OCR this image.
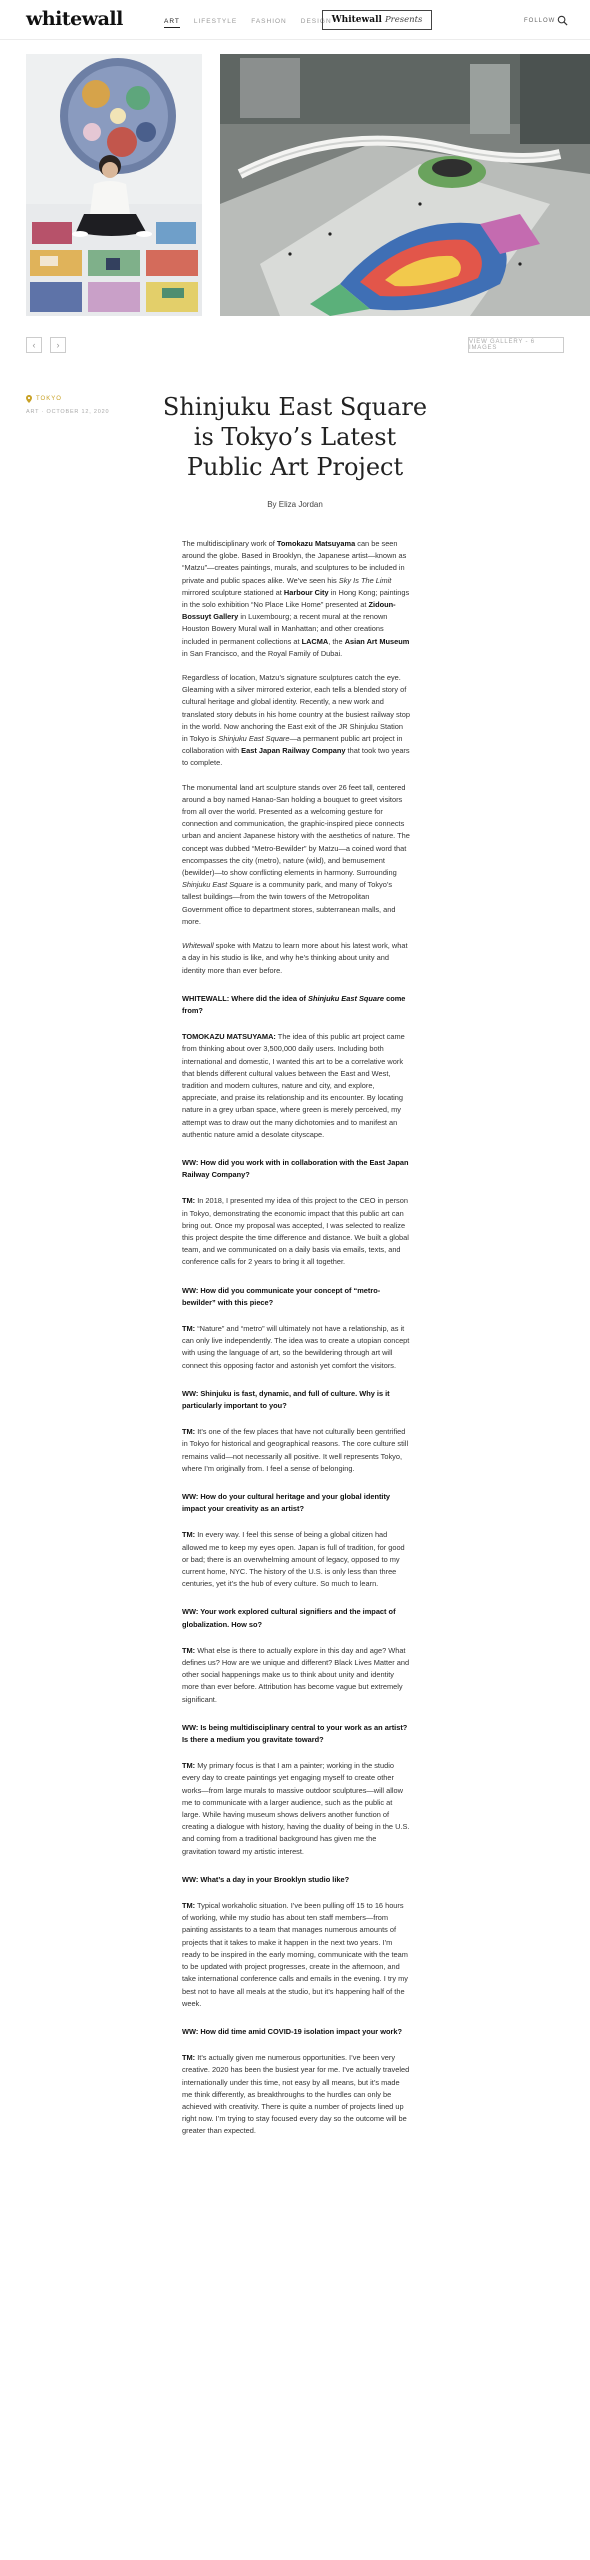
whitewall	ART LIFESTYLE FASHION DESIGN Whitewall Presents	FOLLOW
‹	›	VIEW GALLERY - 6 IMAGES
TOKYO
ART · OCTOBER 12, 2020 Shinjuku East Square is Tokyo’s Latest Public Art Project
By Eliza Jordan

The multidisciplinary work of Tomokazu Matsuyama can be seen around the globe. Based in Brooklyn, the Japanese artist—known as “Matzu”—creates paintings, murals, and sculptures to be included in private and public spaces alike. We’ve seen his Sky Is The Limit mirrored sculpture stationed at Harbour City in Hong Kong; paintings in the solo exhibition “No Place Like Home” presented at Zidoun-Bossuyt Gallery in Luxembourg; a recent mural at the renown Houston Bowery Mural wall in Manhattan; and other creations included in permanent collections at LACMA, the Asian Art Museum in San Francisco, and the Royal Family of Dubai.

Regardless of location, Matzu’s signature sculptures catch the eye. Gleaming with a silver mirrored exterior, each tells a blended story of cultural heritage and global identity. Recently, a new work and translated story debuts in his home country at the busiest railway stop in the world. Now anchoring the East exit of the JR Shinjuku Station in Tokyo is Shinjuku East Square—a permanent public art project in collaboration with East Japan Railway Company that took two years to complete.

The monumental land art sculpture stands over 26 feet tall, centered around a boy named Hanao-San holding a bouquet to greet visitors from all over the world. Presented as a welcoming gesture for connection and communication, the graphic-inspired piece connects urban and ancient Japanese history with the aesthetics of nature. The concept was dubbed “Metro-Bewilder” by Matzu—a coined word that encompasses the city (metro), nature (wild), and bemusement (bewilder)—to show conflicting elements in harmony. Surrounding Shinjuku East Square is a community park, and many of Tokyo’s tallest buildings—from the twin towers of the Metropolitan Government office to department stores, subterranean malls, and more.

Whitewall spoke with Matzu to learn more about his latest work, what a day in his studio is like, and why he’s thinking about unity and identity more than ever before.

WHITEWALL: Where did the idea of Shinjuku East Square come from?

TOMOKAZU MATSUYAMA: The idea of this public art project came from thinking about over 3,500,000 daily users. Including both international and domestic, I wanted this art to be a correlative work that blends different cultural values between the East and West, tradition and modern cultures, nature and city, and explore, appreciate, and praise its relationship and its encounter. By locating nature in a grey urban space, where green is merely perceived, my attempt was to draw out the many dichotomies and to manifest an authentic nature amid a desolate cityscape.

WW: How did you work with in collaboration with the East Japan Railway Company?

TM: In 2018, I presented my idea of this project to the CEO in person in Tokyo, demonstrating the economic impact that this public art can bring out. Once my proposal was accepted, I was selected to realize this project despite the time difference and distance. We built a global team, and we communicated on a daily basis via emails, texts, and conference calls for 2 years to bring it all together.

WW: How did you communicate your concept of “metro-bewilder” with this piece?

TM: “Nature” and “metro” will ultimately not have a relationship, as it can only live independently. The idea was to create a utopian concept with using the language of art, so the bewildering through art will connect this opposing factor and astonish yet comfort the visitors.

WW: Shinjuku is fast, dynamic, and full of culture. Why is it particularly important to you?

TM: It’s one of the few places that have not culturally been gentrified in Tokyo for historical and geographical reasons. The core culture still remains valid—not necessarily all positive. It well represents Tokyo, where I’m originally from. I feel a sense of belonging.

WW: How do your cultural heritage and your global identity impact your creativity as an artist?

TM: In every way. I feel this sense of being a global citizen had allowed me to keep my eyes open. Japan is full of tradition, for good or bad; there is an overwhelming amount of legacy, opposed to my current home, NYC. The history of the U.S. is only less than three centuries, yet it’s the hub of every culture. So much to learn.

WW: Your work explored cultural signifiers and the impact of globalization. How so?

TM: What else is there to actually explore in this day and age? What defines us? How are we unique and different? Black Lives Matter and other social happenings make us to think about unity and identity more than ever before. Attribution has become vague but extremely significant.

WW: Is being multidisciplinary central to your work as an artist? Is there a medium you gravitate toward?

TM: My primary focus is that I am a painter; working in the studio every day to create paintings yet engaging myself to create other works—from large murals to massive outdoor sculptures—will allow me to communicate with a larger audience, such as the public at large. While having museum shows delivers another function of creating a dialogue with history, having the duality of being in the U.S. and coming from a traditional background has given me the gravitation toward my artistic interest.

WW: What’s a day in your Brooklyn studio like?

TM: Typical workaholic situation. I’ve been pulling off 15 to 16 hours of working, while my studio has about ten staff members—from painting assistants to a team that manages numerous amounts of projects that it takes to make it happen in the next two years. I’m ready to be inspired in the early morning, communicate with the team to be updated with project progresses, create in the afternoon, and take international conference calls and emails in the evening. I try my best not to have all meals at the studio, but it’s happening half of the week.

WW: How did time amid COVID-19 isolation impact your work?

TM: It’s actually given me numerous opportunities. I’ve been very creative. 2020 has been the busiest year for me. I’ve actually traveled internationally under this time, not easy by all means, but it’s made me think differently, as breakthroughs to the hurdles can only be achieved with creativity. There is quite a number of projects lined up right now. I’m trying to stay focused every day so the outcome will be greater than expected.
